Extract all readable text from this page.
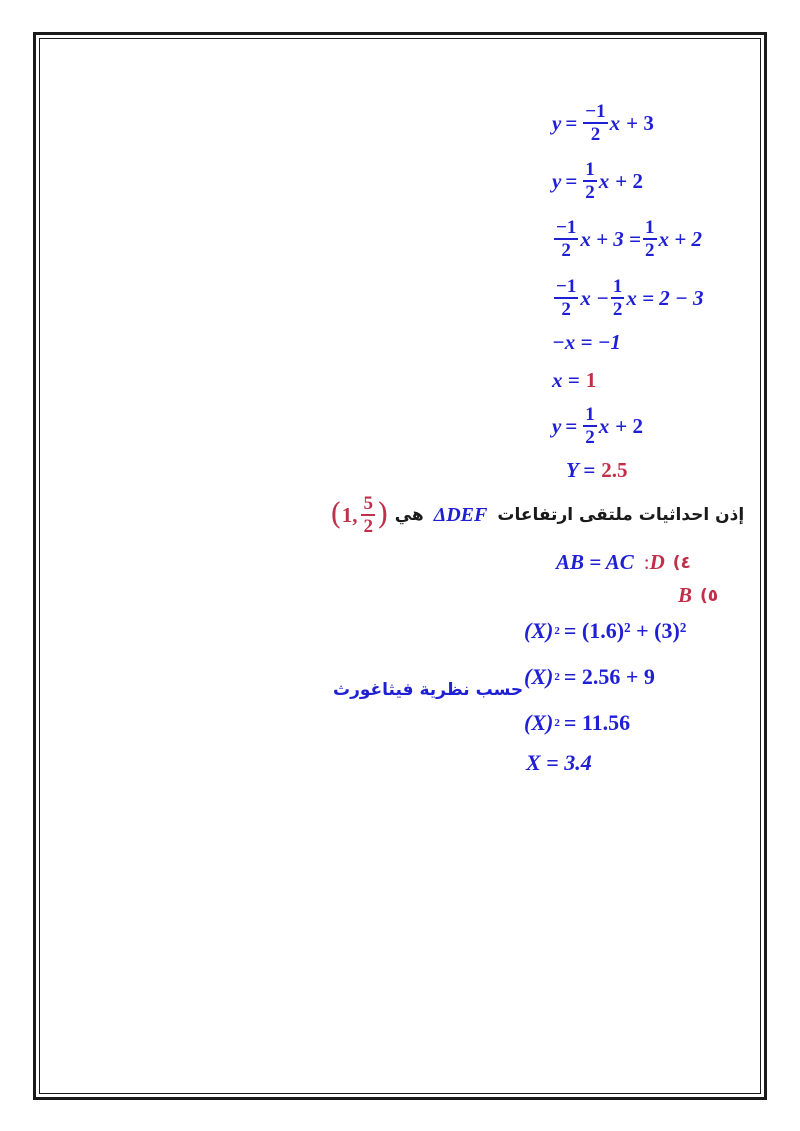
$y = \frac{-1}{2}$ x + 3
$y = \frac{1}{2}$ x + 2
$\frac{-1}{2}$ $x + 3 = \frac{1}{2}$ x + 2
$\frac{-1}{2}$ $x - \frac{1}{2}$ x = 2 − 3
−x = −1
x = 1
$y = \frac{1}{2}$ x + 2
Y = 2.5
( 1, $\frac{5}{2}$ ) هي ΔDEF إذن احداثيات ملتقى ارتفاعات
AB = AC : D ٤)
B ٥)
(X) 2 = (1.6)² + (3)²
(X) 2 = 2.56 + 9
حسب نظرية فيثاغورث
(X) 2 = 11.56
X = 3.4
